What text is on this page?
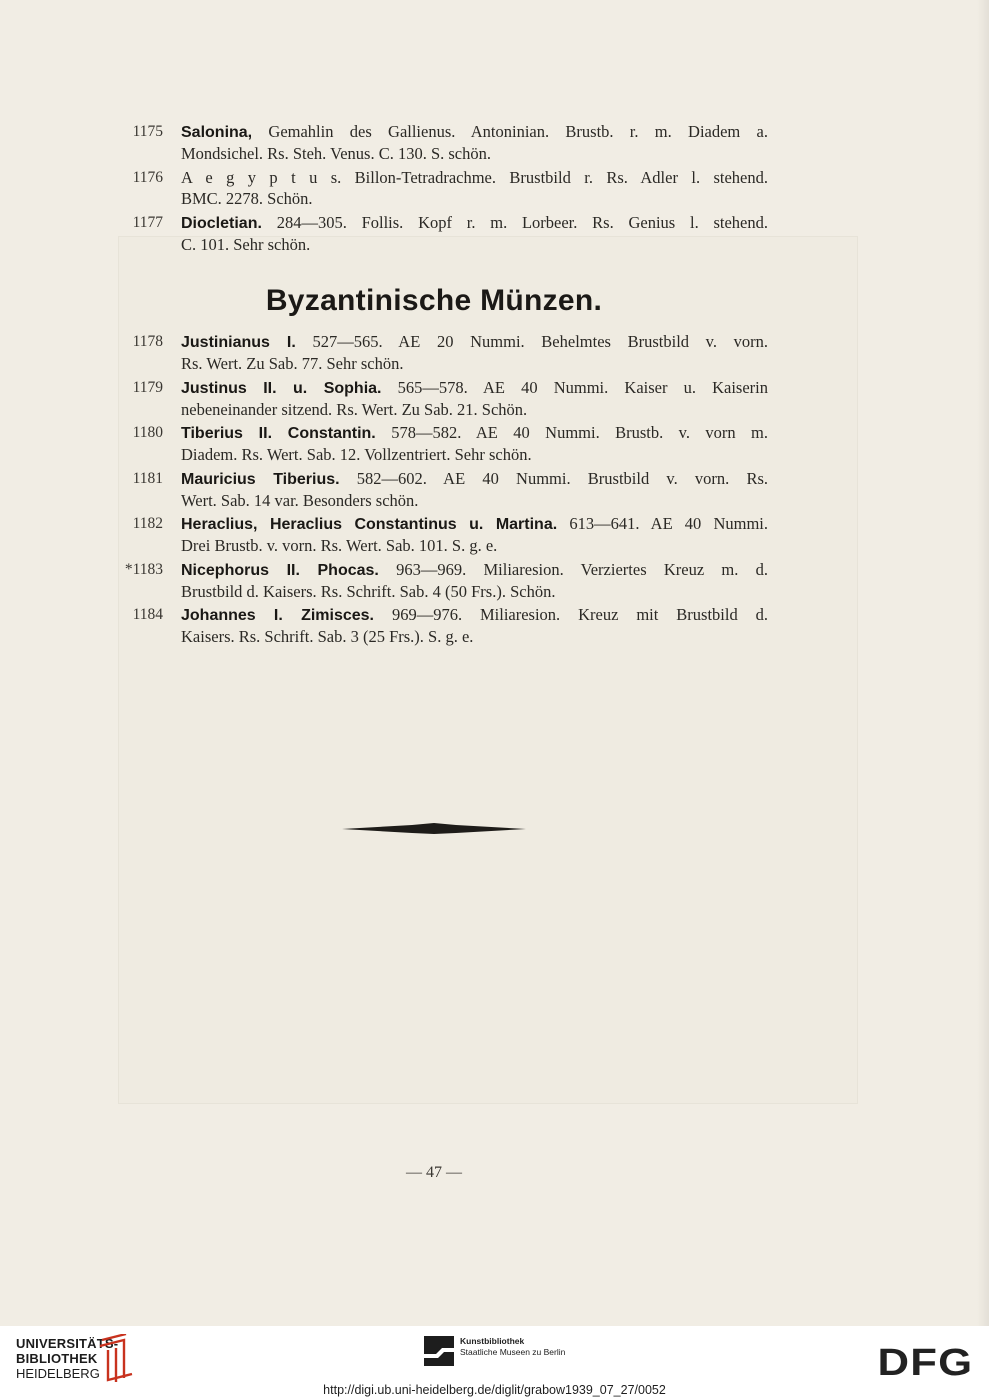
1175 Salonina, Gemahlin des Gallienus. Antoninian. Brustb. r. m. Diadem a.
Mondsichel. Rs. Steh. Venus. C. 130. S. schön.
1176 A e g y p t u s. Billon-Tetradrachme. Brustbild r. Rs. Adler l. stehend.
BMC. 2278. Schön.
1177 Diocletian. 284—305. Follis. Kopf r. m. Lorbeer. Rs. Genius l. stehend.
C. 101. Sehr schön.
Byzantinische Münzen.
1178 Justinianus I. 527—565. AE 20 Nummi. Behelmtes Brustbild v. vorn.
Rs. Wert. Zu Sab. 77. Sehr schön.
1179 Justinus II. u. Sophia. 565—578. AE 40 Nummi. Kaiser u. Kaiserin
nebeneinander sitzend. Rs. Wert. Zu Sab. 21. Schön.
1180 Tiberius II. Constantin. 578—582. AE 40 Nummi. Brustb. v. vorn m.
Diadem. Rs. Wert. Sab. 12. Vollzentriert. Sehr schön.
1181 Mauricius Tiberius. 582—602. AE 40 Nummi. Brustbild v. vorn. Rs.
Wert. Sab. 14 var. Besonders schön.
1182 Heraclius, Heraclius Constantinus u. Martina. 613—641. AE 40 Nummi.
Drei Brustb. v. vorn. Rs. Wert. Sab. 101. S. g. e.
*1183 Nicephorus II. Phocas. 963—969. Miliaresion. Verziertes Kreuz m. d.
Brustbild d. Kaisers. Rs. Schrift. Sab. 4 (50 Frs.). Schön.
1184 Johannes I. Zimisces. 969—976. Miliaresion. Kreuz mit Brustbild d.
Kaisers. Rs. Schrift. Sab. 3 (25 Frs.). S. g. e.
— 47 —
UNIVERSITÄTS-
BIBLIOTHEK
HEIDELBERG
Kunstbibliothek
Staatliche Museen zu Berlin	DFG
http://digi.ub.uni-heidelberg.de/diglit/grabow1939_07_27/0052
